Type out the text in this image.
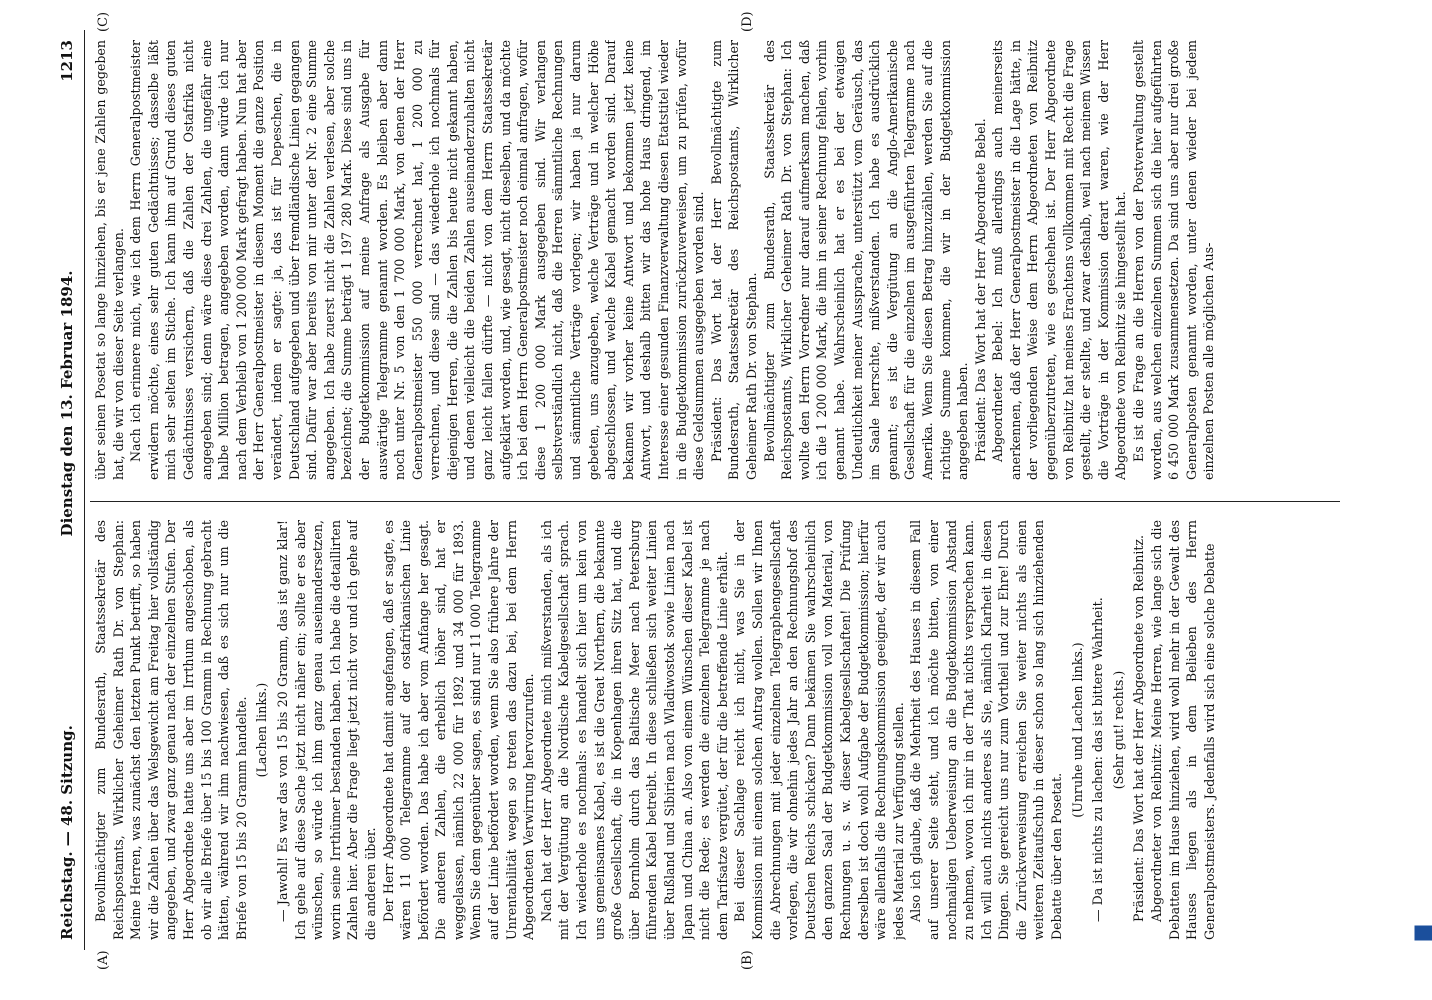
Reichstag. — 48. Sitzung.
Dienstag den 13. Februar 1894.
1213
(A)	(B)
(C)	(D)

Bevollmächtigter zum Bundesrath, Staatssekretär des Reichspostamts, Wirklicher Geheimer Rath Dr. von Stephan: Meine Herren, was zunächst den letzten Punkt betrifft, so haben wir die Zahlen über das Welsgewicht am Freitag hier vollständig angegeben, und zwar ganz genau nach der einzelnen Stufen. Der Herr Abgeordnete hatte uns aber im Irrthum angeschoben, als ob wir alle Briefe über 15 bis 100 Gramm in Rechnung gebracht hätten, während wir ihm nachwiesen, daß es sich nur um die Briefe von 15 bis 20 Gramm handelte. (Lachen links.) — Jawohl! Es war das von 15 bis 20 Gramm, das ist ganz klar! Ich gehe auf diese Sache jetzt nicht näher ein; sollte er es aber wünschen, so würde ich ihm ganz genau auseinandersetzen, worin seine Irrthümer bestanden haben. Ich habe die detaillirten Zahlen hier. Aber die Frage liegt jetzt nicht vor und ich gehe auf die anderen über. Der Herr Abgeordnete hat damit angefangen, daß er sagte, es wären 11 000 Telegramme auf der ostafrikanischen Linie befördert worden. Das habe ich aber vom Anfange her gesagt. Die anderen Zahlen, die erheblich höher sind, hat er weggelassen, nämlich 22 000 für 1892 und 34 000 für 1893. Wenn Sie dem gegenüber sagen, es sind nur 11 000 Telegramme auf der Linie befördert worden, wenn Sie also frühere Jahre der Unrentabilität wegen so treten das dazu bei, bei dem Herrn Abgeordneten Verwirrung hervorzurufen. Nach hat der Herr Abgeordnete mich mißverstanden, als ich mit der Vergütung an die Nordische Kabelgesellschaft sprach. Ich wiederhole es nochmals: es handelt sich hier um kein von uns gemeinsames Kabel, es ist die Great Northern, die bekannte große Gesellschaft, die in Kopenhagen ihren Sitz hat, und die über Bornholm durch das Baltische Meer nach Petersburg führenden Kabel betreibt. In diese schließen sich weiter Linien über Rußland und Sibirien nach Wladiwostok sowie Linien nach Japan und China an. Also von einem Wünschen dieser Kabel ist nicht die Rede; es werden die einzelnen Telegramme je nach dem Tarifsatze vergütet, der für die betreffende Linie erhält. Bei dieser Sachlage reicht ich nicht, was Sie in der Kommission mit einem solchen Antrag wollen. Sollen wir Ihnen die Abrechnungen mit jeder einzelnen Telegraphengesellschaft vorlegen, die wir ohnehin jedes Jahr an den Rechnungshof des Deutschen Reichs schicken? Dann bekämen Sie wahrscheinlich den ganzen Saal der Budgetkommission voll von Material, von Rechnungen u. s. w. dieser Kabelgesellschaften! Die Prüfung derselben ist doch wohl Aufgabe der Budgetkommission; hierfür wäre allenfalls die Rechnungskommission geeignet, der wir auch jedes Material zur Verfügung stellen. Also ich glaube, daß die Mehrheit des Hauses in diesem Fall auf unserer Seite steht, und ich möchte bitten, von einer nochmaligen Ueberweisung an die Budgetkommission Abstand zu nehmen, wovon ich mir in der That nichts versprechen kann. Ich will auch nichts anderes als Sie, nämlich Klarheit in diesen Dingen. Sie gereicht uns nur zum Vortheil und zur Ehre! Durch die Zurückverweisung erreichen Sie weiter nichts als einen weiteren Zeitaufschub in dieser schon so lang sich hinziehenden Debatte über den Posetat.

(Unruhe und Lachen links.) — Da ist nichts zu lachen: das ist bittere Wahrheit. (Sehr gut! rechts.) Präsident: Das Wort hat der Herr Abgeordnete von Reibnitz. Abgeordneter von Reibnitz: Meine Herren, wie lange sich die Debatten im Hause hinziehen, wird wohl mehr in der Gewalt des Hauses liegen als in dem Belieben des Herrn Generalpostmeisters. Jedenfalls wird sich eine solche Debatte

über seinen Posetat so lange hinziehen, bis er jene Zahlen gegeben hat, die wir von dieser Seite verlangen. Nach ich erinnere mich, wie ich dem Herrn Generalpostmeister erwidern möchte, eines sehr guten Gedächtnisses; dasselbe läßt mich sehr selten im Stiche. Ich kann ihm auf Grund dieses guten Gedächtnisses versichern, daß die Zahlen der Ostafrika nicht angegeben sind; denn wäre diese drei Zahlen, die ungefähr eine halbe Million betragen, angegeben worden, dann würde ich nur nach dem Verbleib von 1 200 000 Mark gefragt haben. Nun hat aber der Herr Generalpostmeister in diesem Moment die ganze Position verändert, indem er sagte: ja, das ist für Depeschen, die in Deutschland aufgegeben und über fremdländische Linien gegangen sind. Dafür war aber bereits von mir unter der Nr. 2 eine Summe angegeben. Ich habe zuerst nicht die Zahlen verlesen, aber solche bezeichnet; die Summe beträgt 1 197 280 Mark. Diese sind uns in der Budgetkommission auf meine Anfrage als Ausgabe für auswärtige Telegramme genannt worden. Es bleiben aber dann noch unter Nr. 5 von den 1 700 000 Mark, von denen der Herr Generalpostmeister 550 000 verrechnet hat, 1 200 000 zu verrechnen, und diese sind — das wiederhole ich nochmals für diejenigen Herren, die die Zahlen bis heute nicht gekannt haben, und denen vielleicht die beiden Zahlen auseinanderzuhalten nicht ganz leicht fallen dürfte — nicht von dem Herrn Staatssekretär aufgeklärt worden, und, wie gesagt, nicht dieselben, und da möchte ich bei dem Herrn Generalpostmeister noch einmal anfragen, wofür diese 1 200 000 Mark ausgegeben sind. Wir verlangen selbstverständlich nicht, daß die Herren sämmtliche Rechnungen und sämmtliche Verträge vorlegen; wir haben ja nur darum gebeten, uns anzugeben, welche Verträge und in welcher Höhe abgeschlossen, und welche Kabel gemacht worden sind. Darauf bekamen wir vorher keine Antwort und bekommen jetzt keine Antwort, und deshalb bitten wir das hohe Haus dringend, im Interesse einer gesunden Finanzverwaltung diesen Etatstitel wieder in die Budgetkommission zurückzuverweisen, um zu prüfen, wofür diese Geldsummen ausgegeben worden sind. Präsident: Das Wort hat der Herr Bevollmächtigte zum Bundesrath, Staatssekretär des Reichspostamts, Wirklicher Geheimer Rath Dr. von Stephan. Bevollmächtigter zum Bundesrath, Staatssekretär des Reichspostamts, Wirklicher Geheimer Rath Dr. von Stephan: Ich wollte den Herrn Vorredner nur darauf aufmerksam machen, daß ich die 1 200 000 Mark, die ihm in seiner Rechnung fehlen, vorhin genannt habe. Wahrscheinlich hat er es bei der etwaigen Undeutlichkeit meiner Aussprache, unterstützt vom Geräusch, das im Saale herrschte, mißverstanden. Ich habe es ausdrücklich genannt; es ist die Vergütung an die Anglo-Amerikanische Gesellschaft für die einzelnen im ausgeführten Telegramme nach Amerika. Wenn Sie diesen Betrag hinzuzählen, werden Sie auf die richtige Summe kommen, die wir in der Budgetkommission angegeben haben. Präsident: Das Wort hat der Herr Abgeordnete Bebel. Abgeordneter Bebel: Ich muß allerdings auch meinerseits anerkennen, daß der Herr Generalpostmeister in die Lage hätte, in der vorliegenden Weise dem Herrn Abgeordneten von Reibnitz gegenüberzutreten, wie es geschehen ist. Der Herr Abgeordnete von Reibnitz hat meines Erachtens vollkommen mit Recht die Frage gestellt, die er stellte, und zwar deshalb, weil nach meinem Wissen die Vorträge in der Kommission derart waren, wie der Herr Abgeordnete von Reibnitz sie hingestellt hat. Es ist die Frage an die Herren von der Postverwaltung gestellt worden, aus welchen einzelnen Summen sich die hier aufgeführten 6 450 000 Mark zusammensetzen. Da sind uns aber nur drei große Generalposten genannt worden, unter denen wieder bei jedem einzelnen Posten alle möglichen Aus-
